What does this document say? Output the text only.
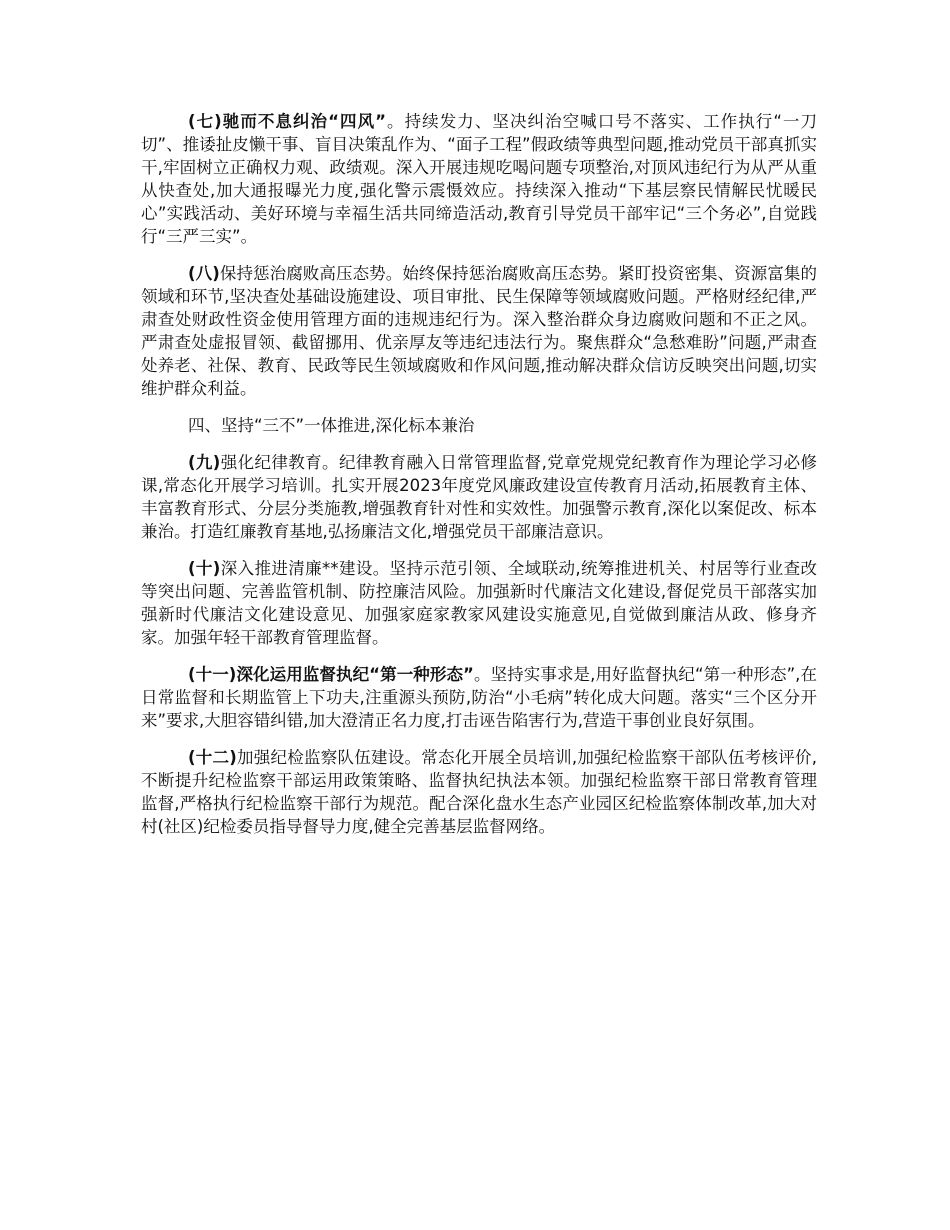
(七)驰而不息纠治“四风”。持续发力、坚决纠治空喊口号不落实、工作执行“一刀切”、推诿扯皮懒干事、盲目决策乱作为、“面子工程”假政绩等典型问题,推动党员干部真抓实干,牢固树立正确权力观、政绩观。深入开展违规吃喝问题专项整治,对顶风违纪行为从严从重从快查处,加大通报曝光力度,强化警示震慑效应。持续深入推动“下基层察民情解民忧暖民心”实践活动、美好环境与幸福生活共同缔造活动,教育引导党员干部牢记“三个务必”,自觉践行“三严三实”。

(八)保持惩治腐败高压态势。始终保持惩治腐败高压态势。紧盯投资密集、资源富集的领域和环节,坚决查处基础设施建设、项目审批、民生保障等领域腐败问题。严格财经纪律,严肃查处财政性资金使用管理方面的违规违纪行为。深入整治群众身边腐败问题和不正之风。严肃查处虚报冒领、截留挪用、优亲厚友等违纪违法行为。聚焦群众“急愁难盼”问题,严肃查处养老、社保、教育、民政等民生领域腐败和作风问题,推动解决群众信访反映突出问题,切实维护群众利益。

四、坚持“三不”一体推进,深化标本兼治

(九)强化纪律教育。纪律教育融入日常管理监督,党章党规党纪教育作为理论学习必修课,常态化开展学习培训。扎实开展2023年度党风廉政建设宣传教育月活动,拓展教育主体、丰富教育形式、分层分类施教,增强教育针对性和实效性。加强警示教育,深化以案促改、标本兼治。打造红廉教育基地,弘扬廉洁文化,增强党员干部廉洁意识。

(十)深入推进清廉**建设。坚持示范引领、全域联动,统筹推进机关、村居等行业查改等突出问题、完善监管机制、防控廉洁风险。加强新时代廉洁文化建设,督促党员干部落实加强新时代廉洁文化建设意见、加强家庭家教家风建设实施意见,自觉做到廉洁从政、修身齐家。加强年轻干部教育管理监督。

(十一)深化运用监督执纪“第一种形态”。坚持实事求是,用好监督执纪“第一种形态”,在日常监督和长期监管上下功夫,注重源头预防,防治“小毛病”转化成大问题。落实“三个区分开来”要求,大胆容错纠错,加大澄清正名力度,打击诬告陷害行为,营造干事创业良好氛围。

(十二)加强纪检监察队伍建设。常态化开展全员培训,加强纪检监察干部队伍考核评价,不断提升纪检监察干部运用政策策略、监督执纪执法本领。加强纪检监察干部日常教育管理监督,严格执行纪检监察干部行为规范。配合深化盘水生态产业园区纪检监察体制改革,加大对村(社区)纪检委员指导督导力度,健全完善基层监督网络。
